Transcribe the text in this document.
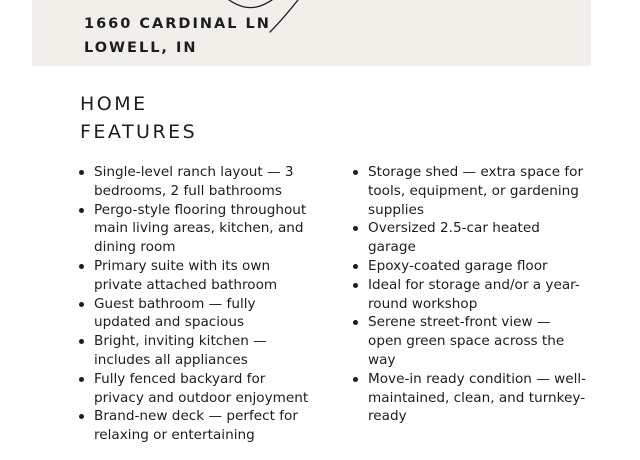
1660 CARDINAL LN
LOWELL, IN
HOME
FEATURES
Single-level ranch layout — 3 bedrooms, 2 full bathrooms
Pergo-style flooring throughout main living areas, kitchen, and dining room
Primary suite with its own private attached bathroom
Guest bathroom — fully updated and spacious
Bright, inviting kitchen — includes all appliances
Fully fenced backyard for privacy and outdoor enjoyment
Brand-new deck — perfect for relaxing or entertaining
Storage shed — extra space for tools, equipment, or gardening supplies
Oversized 2.5-car heated garage
Epoxy-coated garage floor
Ideal for storage and/or a year-round workshop
Serene street-front view — open green space across the way
Move-in ready condition — well-maintained, clean, and turnkey-ready
